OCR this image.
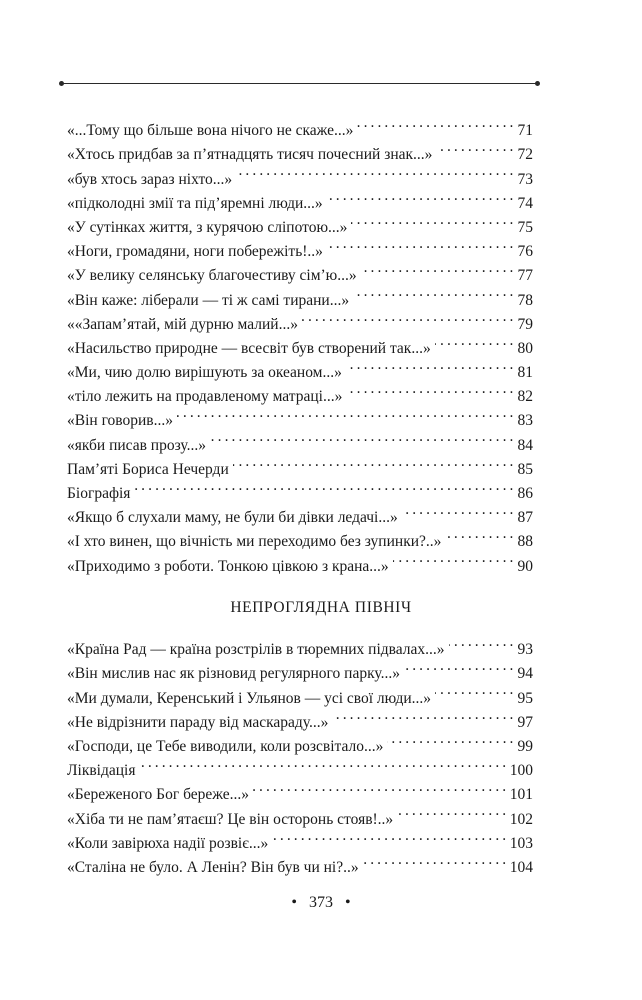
«...Тому що більше вона нічого не скаже...» . . .	71
«Хтось придбав за п’ятнадцять тисяч почесний знак...» . . .	72
«був хтось зараз ніхто...» . . .	73
«підколодні змії та підʼяремні люди...» . . .	74
«У сутінках життя, з курячою сліпотою...» . . .	75
«Ноги, громадяни, ноги побережіть!..» . . .	76
«У велику селянську благочестиву сімʼю...» . . .	77
«Він каже: ліберали — ті ж самі тирани...» . . .	78
««Запамʼятай, мій дурню малий...» . . .	79
«Насильство природне — всесвіт був створений так...» . . .	80
«Ми, чию долю вирішують за океаном...» . . .	81
«тіло лежить на продавленому матраці...» . . .	82
«Він говорив...» . . .	83
«якби писав прозу...» . . .	84
Памʼяті Бориса Нечерди . . .	85
Біографія . . .	86
«Якщо б слухали маму, не були би дівки ледачі...» . . .	87
«І хто винен, що вічність ми переходимо без зупинки?..» . . .	88
«Приходимо з роботи. Тонкою цівкою з крана...» . . .	90
НЕПРОГЛЯДНА ПІВНІЧ
«Країна Рад — країна розстрілів в тюремних підвалах...» . . .	93
«Він мислив нас як різновид регулярного парку...» . . .	94
«Ми думали, Керенський і Ульянов — усі свої люди...» . . .	95
«Не відрізнити параду від маскараду...» . . .	97
«Господи, це Тебе виводили, коли розсвітало...» . . .	99
Ліквідація . . .	100
«Береженого Бог береже...» . . .	101
«Хіба ти не памʼятаєш? Це він осторонь стояв!..» . . .	102
«Коли завірюха надії розвіє...» . . .	103
«Сталіна не було. А Ленін? Він був чи ні?..» . . .	104
• 373 •
